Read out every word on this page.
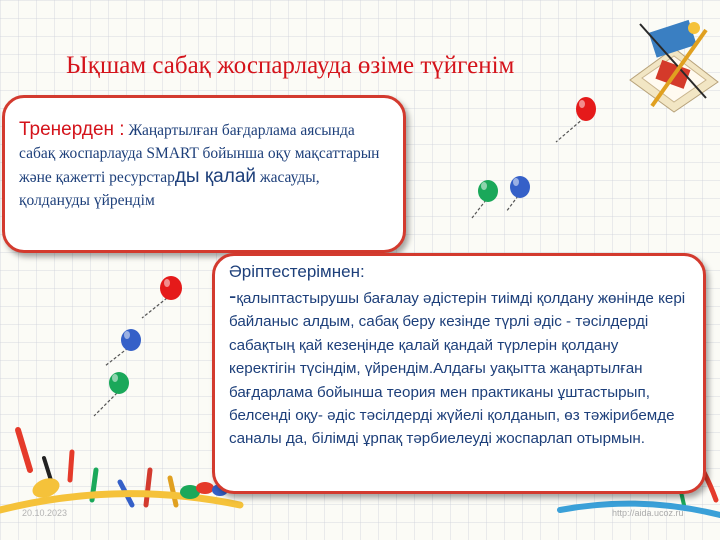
Ықшам сабақ жоспарлауда өзіме түйгенім
Тренерден : Жаңартылған бағдарлама аясында сабақ жоспарлауда SMART бойынша оқу мақсаттарын және қажетті ресурстарды қалай жасауды, қолдануды үйрендім
Әріптестерімнен:
-қалыптастырушы бағалау әдістерін тиімді қолдану жөнінде кері байланыс алдым, сабақ беру кезінде түрлі әдіс - тәсілдерді сабақтың қай кезеңінде қалай қандай түрлерін қолдану керектігін түсіндім, үйрендім.Алдағы уақытта жаңартылған бағдарлама бойынша теория мен практиканы ұштастырып, белсенді оқу- әдіс тәсілдерді жүйелі қолданып, өз тәжірибемде саналы да, білімді ұрпақ тәрбиелеуді жоспарлап отырмын.
20.10.2023	http://aida.ucoz.ru
